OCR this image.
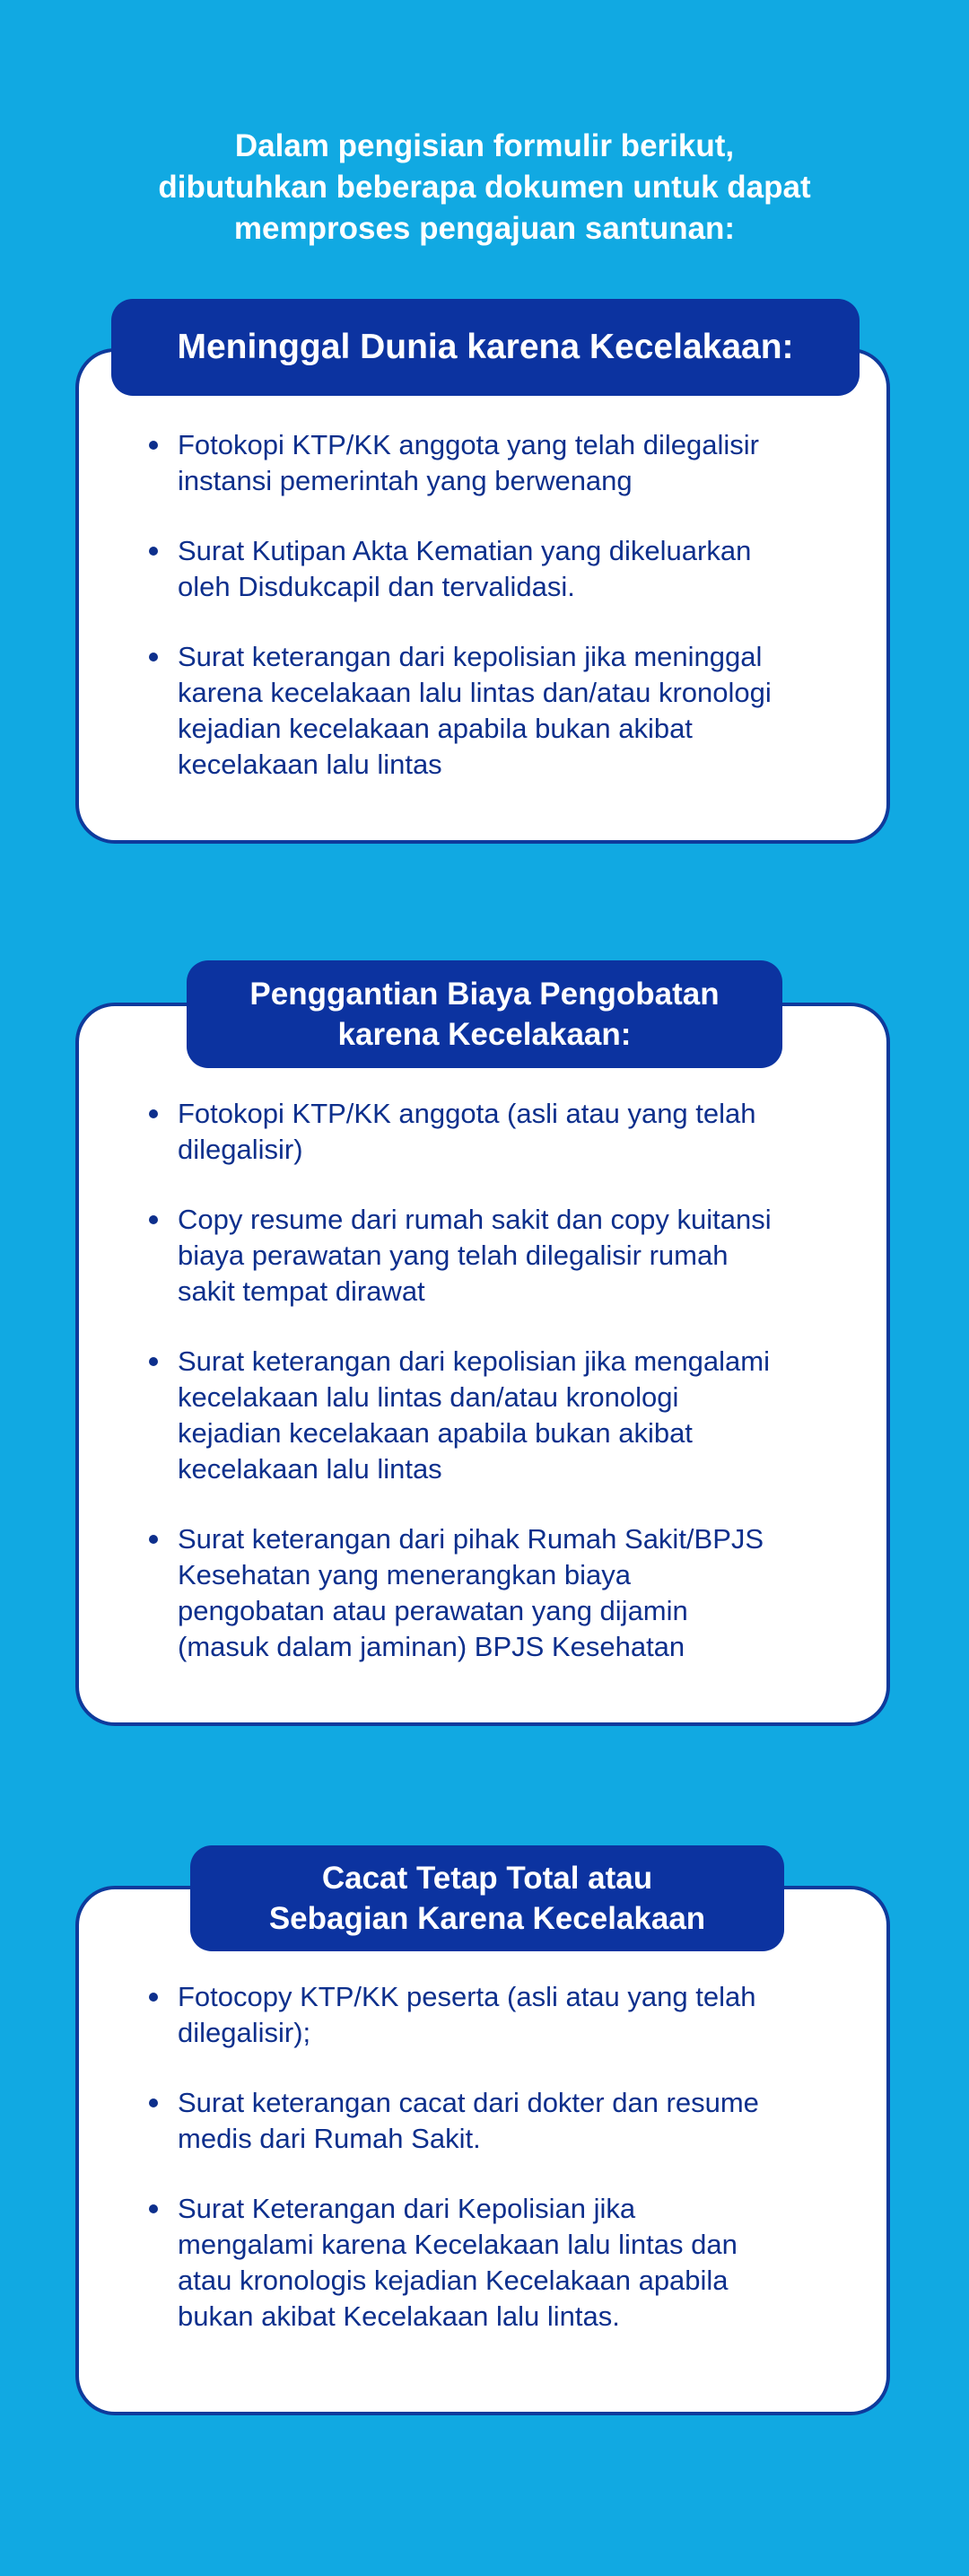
Dalam pengisian formulir berikut,
dibutuhkan beberapa dokumen untuk dapat
memproses pengajuan santunan:

Fotokopi KTP/KK anggota yang telah dilegalisir
instansi pemerintah yang berwenang
Surat Kutipan Akta Kematian yang dikeluarkan
oleh Disdukcapil dan tervalidasi.
Surat keterangan dari kepolisian jika meninggal
karena kecelakaan lalu lintas dan/atau kronologi
kejadian kecelakaan apabila bukan akibat
kecelakaan lalu lintas
Meninggal Dunia karena Kecelakaan:
Fotokopi KTP/KK anggota (asli atau yang telah
dilegalisir)
Copy resume dari rumah sakit dan copy kuitansi
biaya perawatan yang telah dilegalisir rumah
sakit tempat dirawat
Surat keterangan dari kepolisian jika mengalami
kecelakaan lalu lintas dan/atau kronologi
kejadian kecelakaan apabila bukan akibat
kecelakaan lalu lintas
Surat keterangan dari pihak Rumah Sakit/BPJS
Kesehatan yang menerangkan biaya
pengobatan atau perawatan yang dijamin
(masuk dalam jaminan) BPJS Kesehatan
Penggantian Biaya Pengobatan
karena Kecelakaan:
Fotocopy KTP/KK peserta (asli atau yang telah
dilegalisir);
Surat keterangan cacat dari dokter dan resume
medis dari Rumah Sakit.
Surat Keterangan dari Kepolisian jika
mengalami karena Kecelakaan lalu lintas dan
atau kronologis kejadian Kecelakaan apabila
bukan akibat Kecelakaan lalu lintas.
Cacat Tetap Total atau
Sebagian Karena Kecelakaan
